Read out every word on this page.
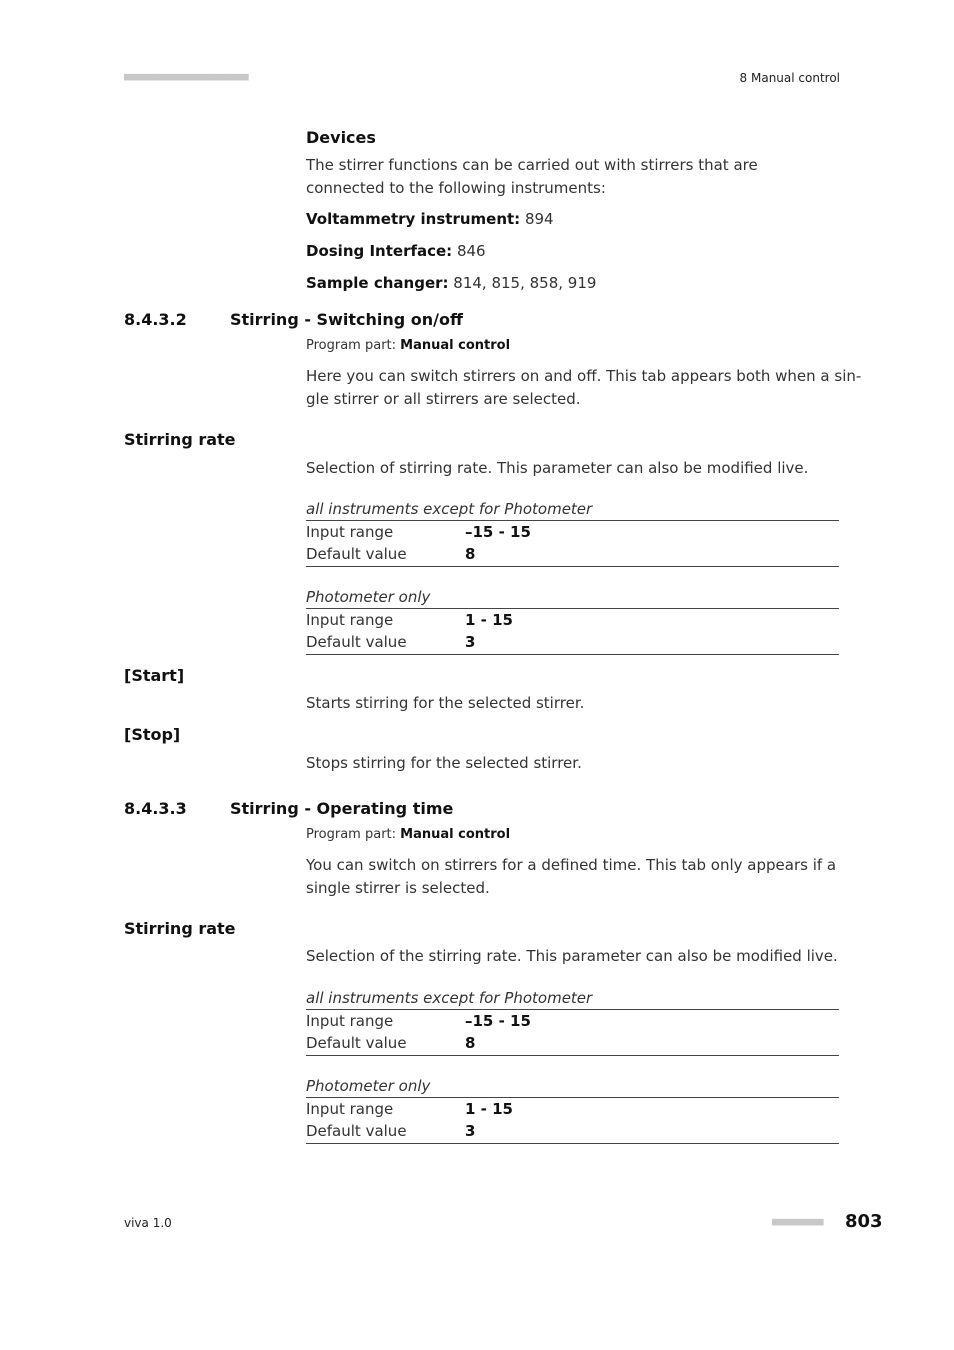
■■■■■■■■■■■■■■■■■■■■■■	8 Manual control
Devices
The stirrer functions can be carried out with stirrers that are connected to the following instruments:
Voltammetry instrument: 894
Dosing Interface: 846
Sample changer: 814, 815, 858, 919
8.4.3.2	Stirring - Switching on/off
Program part: Manual control
Here you can switch stirrers on and off. This tab appears both when a sin-
gle stirrer or all stirrers are selected.
Stirring rate
Selection of stirring rate. This parameter can also be modified live.
all instruments except for Photometer
Input range	–15 - 15
Default value	8
Photometer only
Input range	1 - 15
Default value	3
[Start]
Starts stirring for the selected stirrer.
[Stop]
Stops stirring for the selected stirrer.
8.4.3.3	Stirring - Operating time
Program part: Manual control
You can switch on stirrers for a defined time. This tab only appears if a
single stirrer is selected.
Stirring rate
Selection of the stirring rate. This parameter can also be modified live.
all instruments except for Photometer
Input range	–15 - 15
Default value	8
Photometer only
Input range	1 - 15
Default value	3
viva 1.0	■■■■■■■■■ 803
